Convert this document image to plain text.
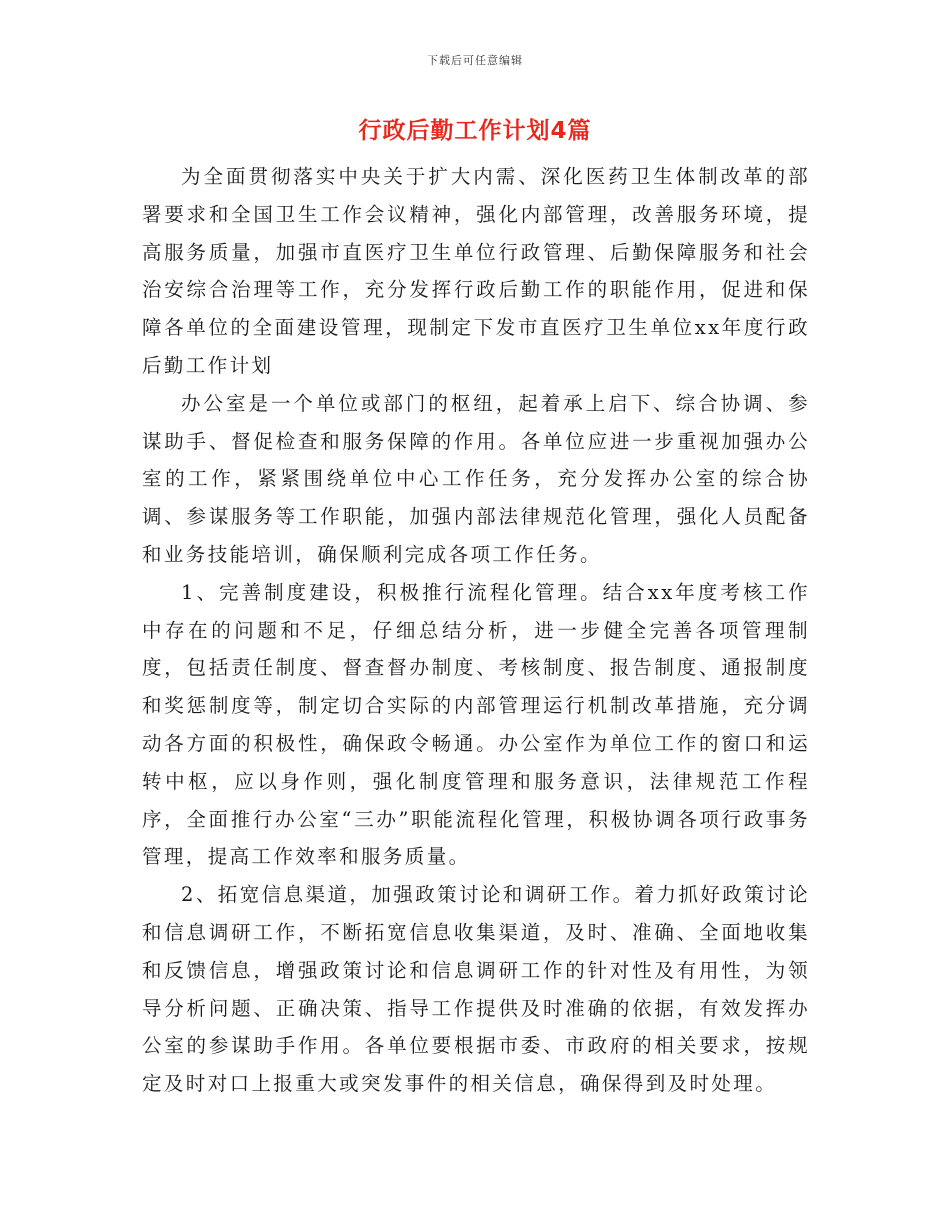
下载后可任意编辑
行政后勤工作计划4篇

为全面贯彻落实中央关于扩大内需、深化医药卫生体制改革的部署要求和全国卫生工作会议精神，强化内部管理，改善服务环境，提高服务质量，加强市直医疗卫生单位行政管理、后勤保障服务和社会治安综合治理等工作，充分发挥行政后勤工作的职能作用，促进和保障各单位的全面建设管理，现制定下发市直医疗卫生单位xx年度行政后勤工作计划

办公室是一个单位或部门的枢纽，起着承上启下、综合协调、参谋助手、督促检查和服务保障的作用。各单位应进一步重视加强办公室的工作，紧紧围绕单位中心工作任务，充分发挥办公室的综合协调、参谋服务等工作职能，加强内部法律规范化管理，强化人员配备和业务技能培训，确保顺利完成各项工作任务。

1、完善制度建设，积极推行流程化管理。结合xx年度考核工作中存在的问题和不足，仔细总结分析，进一步健全完善各项管理制度，包括责任制度、督查督办制度、考核制度、报告制度、通报制度和奖惩制度等，制定切合实际的内部管理运行机制改革措施，充分调动各方面的积极性，确保政令畅通。办公室作为单位工作的窗口和运转中枢，应以身作则，强化制度管理和服务意识，法律规范工作程序，全面推行办公室“三办”职能流程化管理，积极协调各项行政事务管理，提高工作效率和服务质量。

2、拓宽信息渠道，加强政策讨论和调研工作。着力抓好政策讨论和信息调研工作，不断拓宽信息收集渠道，及时、准确、全面地收集和反馈信息，增强政策讨论和信息调研工作的针对性及有用性，为领导分析问题、正确决策、指导工作提供及时准确的依据，有效发挥办公室的参谋助手作用。各单位要根据市委、市政府的相关要求，按规定及时对口上报重大或突发事件的相关信息，确保得到及时处理。
